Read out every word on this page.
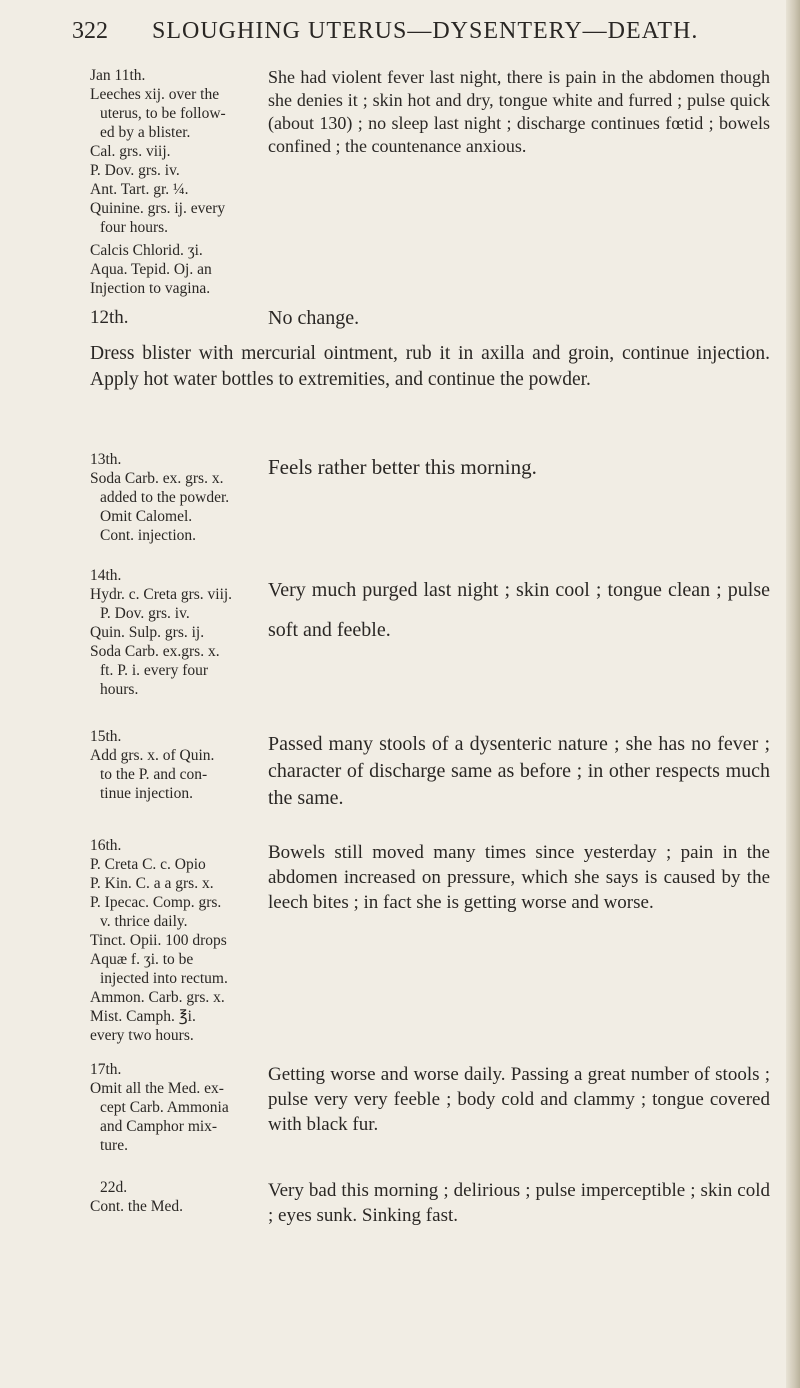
322	SLOUGHING UTERUS—DYSENTERY—DEATH.
Jan 11th.
Leeches xij. over the
uterus, to be follow-
ed by a blister.
Cal. grs. viij.
P. Dov. grs. iv.
Ant. Tart. gr. ¼.
Quinine. grs. ij. every
four hours.
Calcis Chlorid. ʒi.
Aqua. Tepid. Oj. an
Injection to vagina.
She had violent fever last night, there is pain in the abdomen though she denies it ; skin hot and dry, tongue white and furred ; pulse quick (about 130) ; no sleep last night ; discharge continues fœtid ; bowels confined ; the countenance anxious.
12th.	No change.
Dress blister with mercurial ointment, rub it in axilla and groin, continue injection. Apply hot water bottles to extremities, and continue the powder.
13th.
Soda Carb. ex. grs. x.
added to the powder.
Omit Calomel.
Cont. injection.
Feels rather better this morning.
14th.
Hydr. c. Creta grs. viij.
P. Dov. grs. iv.
Quin. Sulp. grs. ij.
Soda Carb. ex.grs. x.
ft. P. i. every four
hours.
Very much purged last night ; skin cool ; tongue clean ; pulse soft and feeble.
15th.
Add grs. x. of Quin.
to the P. and con-
tinue injection.
Passed many stools of a dysenteric nature ; she has no fever ; character of discharge same as before ; in other respects much the same.
16th.
P. Creta C. c. Opio
P. Kin. C. a a grs. x.
P. Ipecac. Comp. grs.
v. thrice daily.
Tinct. Opii. 100 drops
Aquæ f. ʒi. to be
injected into rectum.
Ammon. Carb. grs. x.
Mist. Camph. ℥i.
every two hours.
Bowels still moved many times since yesterday ; pain in the abdomen increased on pressure, which she says is caused by the leech bites ; in fact she is getting worse and worse.
17th.
Omit all the Med. ex-
cept Carb. Ammonia
and Camphor mix-
ture.
Getting worse and worse daily. Passing a great number of stools ; pulse very very feeble ; body cold and clammy ; tongue covered with black fur.
22d.
Cont. the Med.
Very bad this morning ; delirious ; pulse imperceptible ; skin cold ; eyes sunk. Sinking fast.
